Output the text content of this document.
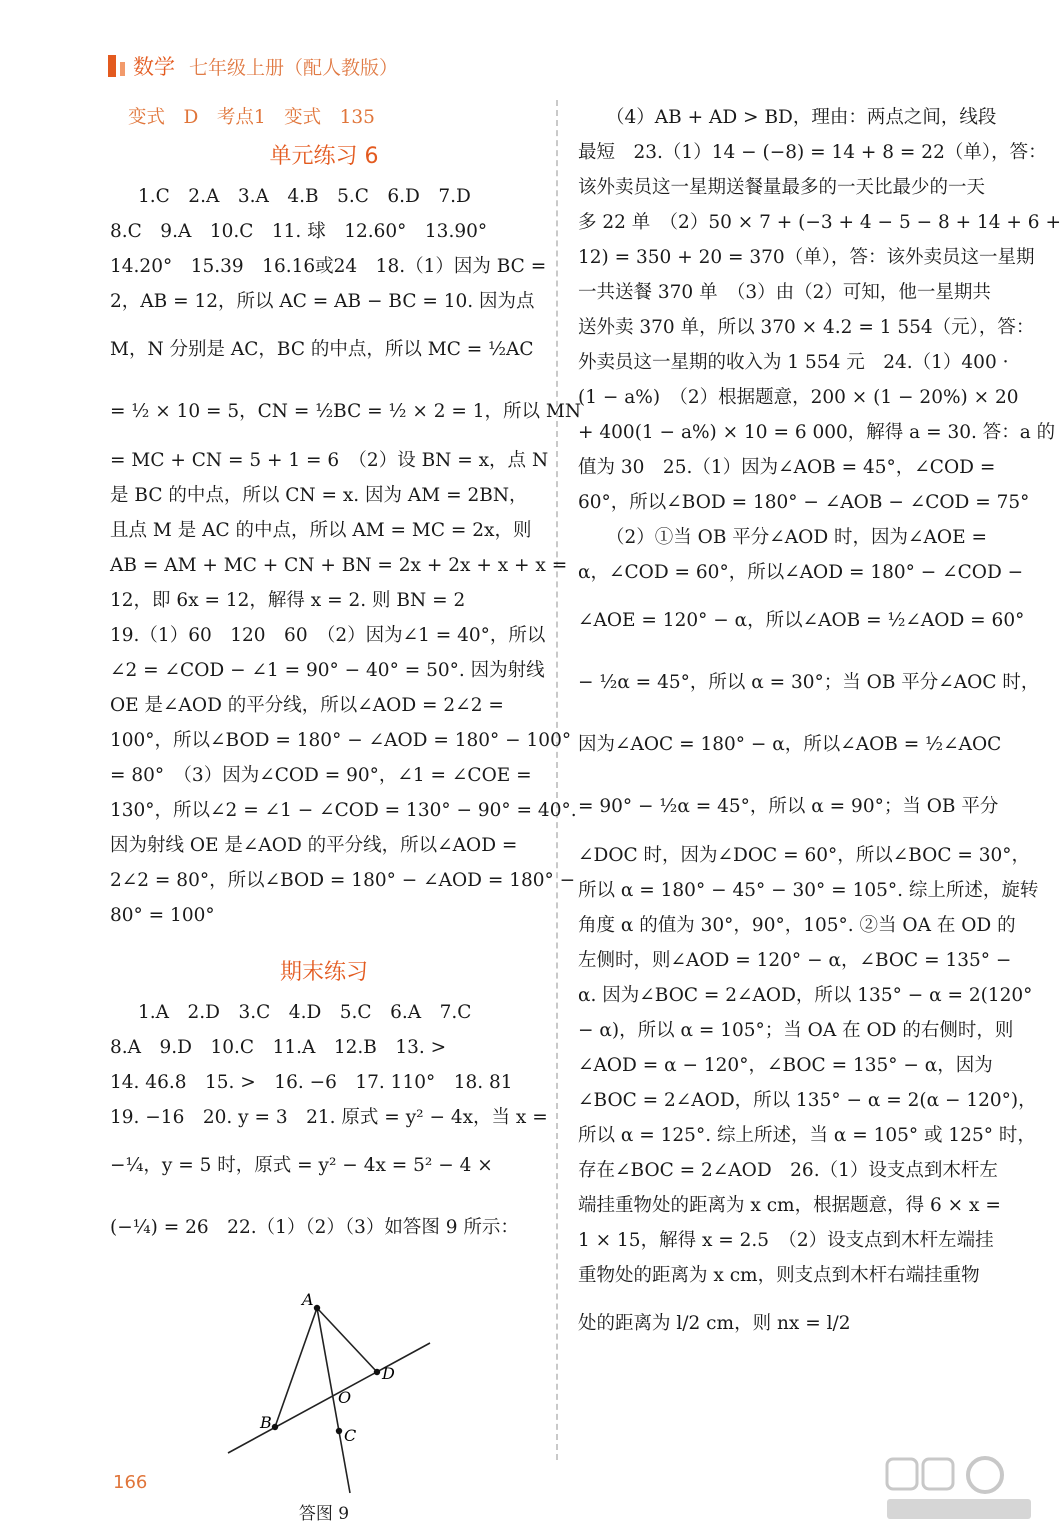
数学 七年级上册（配人教版）
变式　D　考点1　变式　135
单元练习 6
1.C　2.A　3.A　4.B　5.C　6.D　7.D
8.C　9.A　10.C　11. 球　12.60°　13.90°
14.20°　15.39　16.16或24　18.（1）因为 BC =
2，AB = 12，所以 AC = AB − BC = 10. 因为点
M，N 分别是 AC，BC 的中点，所以 MC = ½AC
= ½ × 10 = 5，CN = ½BC = ½ × 2 = 1，所以 MN
= MC + CN = 5 + 1 = 6　（2）设 BN = x，点 N
是 BC 的中点，所以 CN = x. 因为 AM = 2BN，
且点 M 是 AC 的中点，所以 AM = MC = 2x，则
AB = AM + MC + CN + BN = 2x + 2x + x + x =
12，即 6x = 12，解得 x = 2. 则 BN = 2
19.（1）60　120　60　（2）因为∠1 = 40°，所以
∠2 = ∠COD − ∠1 = 90° − 40° = 50°. 因为射线
OE 是∠AOD 的平分线，所以∠AOD = 2∠2 =
100°，所以∠BOD = 180° − ∠AOD = 180° − 100°
= 80°　（3）因为∠COD = 90°，∠1 = ∠COE =
130°，所以∠2 = ∠1 − ∠COD = 130° − 90° = 40°.
因为射线 OE 是∠AOD 的平分线，所以∠AOD =
2∠2 = 80°，所以∠BOD = 180° − ∠AOD = 180° −
80° = 100°
期末练习
1.A　2.D　3.C　4.D　5.C　6.A　7.C
8.A　9.D　10.C　11.A　12.B　13. >
14. 46.8　15. >　16. −6　17. 110°　18. 81
19. −16　20. y = 3　21. 原式 = y² − 4x，当 x =
−¼，y = 5 时，原式 = y² − 4x = 5² − 4 ×
(−¼) = 26　22.（1）（2）（3）如答图 9 所示：
A
B
C
D
O
答图 9
（4）AB + AD > BD，理由：两点之间，线段
最短　23.（1）14 − (−8) = 14 + 8 = 22（单），答：
该外卖员这一星期送餐量最多的一天比最少的一天
多 22 单　（2）50 × 7 + (−3 + 4 − 5 − 8 + 14 + 6 +
12) = 350 + 20 = 370（单），答：该外卖员这一星期
一共送餐 370 单　（3）由（2）可知，他一星期共
送外卖 370 单，所以 370 × 4.2 = 1 554（元），答：
外卖员这一星期的收入为 1 554 元　24.（1）400 ·
(1 − a%)　（2）根据题意，200 × (1 − 20%) × 20
+ 400(1 − a%) × 10 = 6 000，解得 a = 30. 答：a 的
值为 30　25.（1）因为∠AOB = 45°，∠COD =
60°，所以∠BOD = 180° − ∠AOB − ∠COD = 75°
（2）①当 OB 平分∠AOD 时，因为∠AOE =
α，∠COD = 60°，所以∠AOD = 180° − ∠COD −
∠AOE = 120° − α，所以∠AOB = ½∠AOD = 60°
− ½α = 45°，所以 α = 30°；当 OB 平分∠AOC 时，
因为∠AOC = 180° − α，所以∠AOB = ½∠AOC
= 90° − ½α = 45°，所以 α = 90°；当 OB 平分
∠DOC 时，因为∠DOC = 60°，所以∠BOC = 30°，
所以 α = 180° − 45° − 30° = 105°. 综上所述，旋转
角度 α 的值为 30°，90°，105°. ②当 OA 在 OD 的
左侧时，则∠AOD = 120° − α，∠BOC = 135° −
α. 因为∠BOC = 2∠AOD，所以 135° − α = 2(120°
− α)，所以 α = 105°；当 OA 在 OD 的右侧时，则
∠AOD = α − 120°，∠BOC = 135° − α，因为
∠BOC = 2∠AOD，所以 135° − α = 2(α − 120°)，
所以 α = 125°. 综上所述，当 α = 105° 或 125° 时，
存在∠BOC = 2∠AOD　26.（1）设支点到木杆左
端挂重物处的距离为 x cm，根据题意，得 6 × x =
1 × 15，解得 x = 2.5　（2）设支点到木杆左端挂
重物处的距离为 x cm，则支点到木杆右端挂重物
处的距离为 l/2 cm，则 nx = l/2
166
